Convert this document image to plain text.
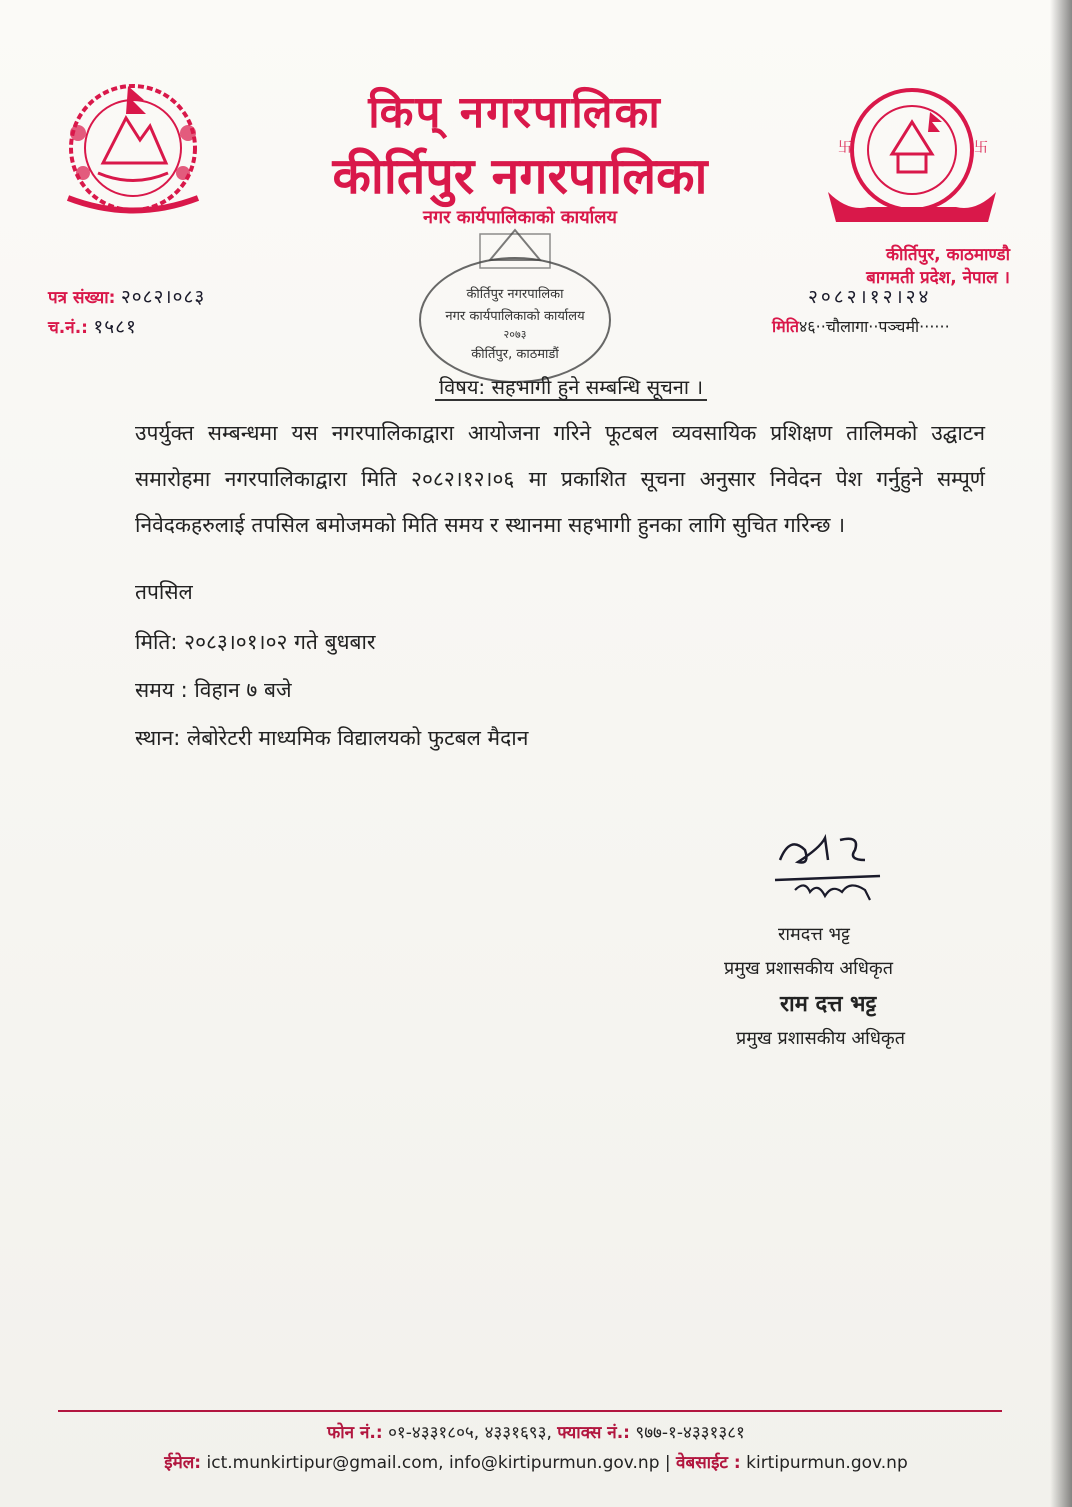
卐	卐
किप्‌ नगरपालिका
कीर्तिपुर नगरपालिका
नगर कार्यपालिकाको कार्यालय
कीर्तिपुर, काठमाण्डौ
बागमती प्रदेश, नेपाल ।
कीर्तिपुर नगरपालिका
नगर कार्यपालिकाको कार्यालय
२०७३
कीर्तिपुर, काठमाडौं
पत्र संख्या: २०८२।०८३
च.नं.: १५८१
२०८२।१२।२४
मिति४६··चौलागा··पञ्चमी······
विषय: सहभागी हुने सम्बन्धि सूचना ।
उपर्युक्त सम्बन्धमा यस नगरपालिकाद्वारा आयोजना गरिने फूटबल व्यवसायिक प्रशिक्षण तालिमको उद्घाटन समारोहमा नगरपालिकाद्वारा मिति २०८२।१२।०६ मा प्रकाशित सूचना अनुसार निवेदन पेश गर्नुहुने सम्पूर्ण निवेदकहरुलाई तपसिल बमोजमको मिति समय र स्थानमा सहभागी हुनका लागि सुचित गरिन्छ ।
तपसिल
मिति: २०८३।०१।०२ गते बुधबार
समय : विहान ७ बजे
स्थान: लेबोरेटरी माध्यमिक विद्यालयको फुटबल मैदान
रामदत्त भट्ट
प्रमुख प्रशासकीय अधिकृत
राम दत्त भट्ट
प्रमुख प्रशासकीय अधिकृत
फोन नं.: ०१-४३३१८०५, ४३३१६९३, फ्याक्स नं.: ९७७-१-४३३१३८१
ईमेल: ict.munkirtipur@gmail.com, info@kirtipurmun.gov.np | वेबसाईट : kirtipurmun.gov.np
